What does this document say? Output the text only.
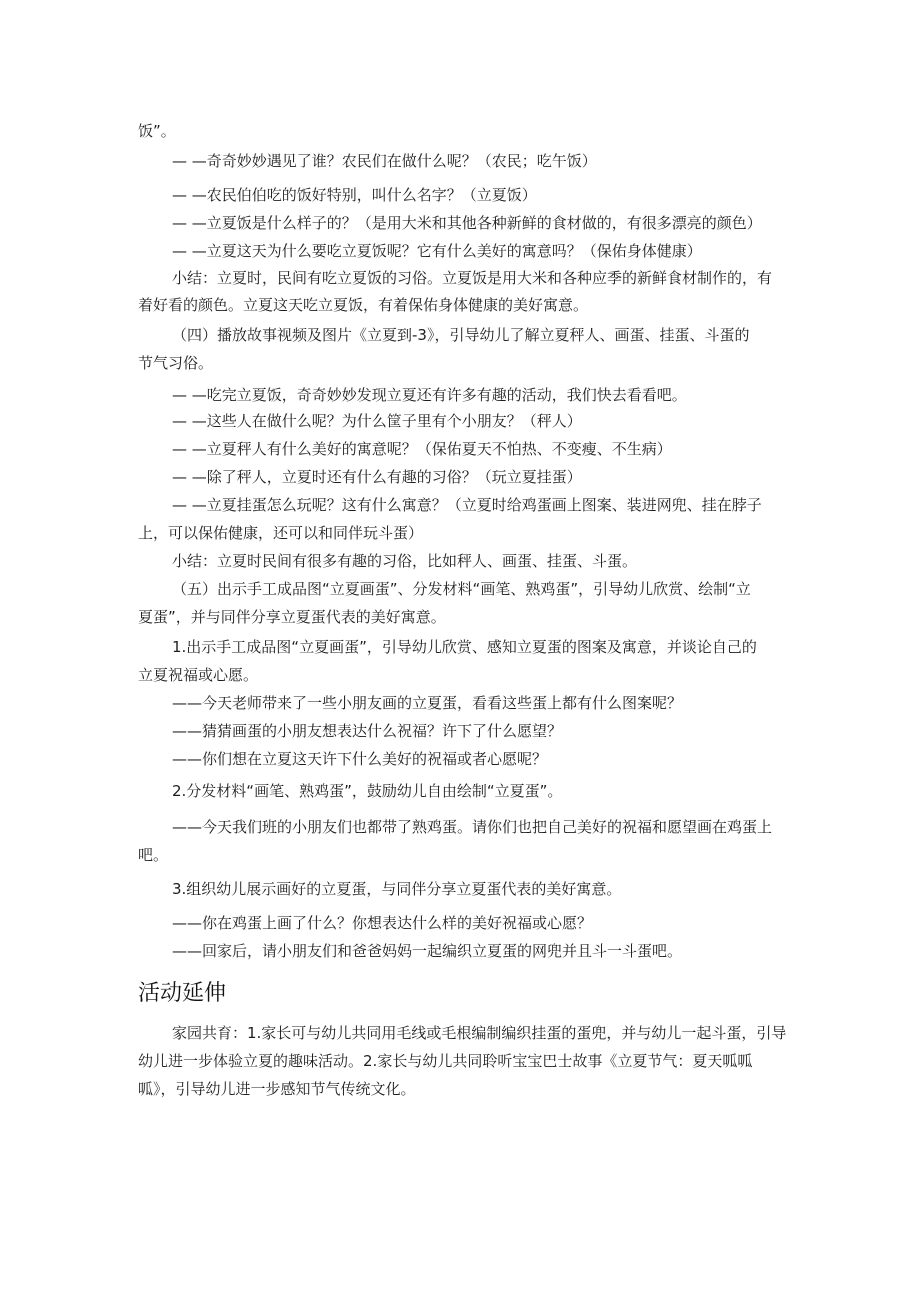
饭”。

— —奇奇妙妙遇见了谁？农民们在做什么呢？（农民；吃午饭）

— —农民伯伯吃的饭好特别，叫什么名字？（立夏饭）

— —立夏饭是什么样子的？（是用大米和其他各种新鲜的食材做的，有很多漂亮的颜色）

— —立夏这天为什么要吃立夏饭呢？它有什么美好的寓意吗？（保佑身体健康）

小结：立夏时，民间有吃立夏饭的习俗。立夏饭是用大米和各种应季的新鲜食材制作的，有

着好看的颜色。立夏这天吃立夏饭，有着保佑身体健康的美好寓意。

（四）播放故事视频及图片《立夏到-3》，引导幼儿了解立夏秤人、画蛋、挂蛋、斗蛋的

节气习俗。

— —吃完立夏饭，奇奇妙妙发现立夏还有许多有趣的活动，我们快去看看吧。

— —这些人在做什么呢？为什么筐子里有个小朋友？（秤人）

— —立夏秤人有什么美好的寓意呢？（保佑夏天不怕热、不变瘦、不生病）

— —除了秤人，立夏时还有什么有趣的习俗？（玩立夏挂蛋）

— —立夏挂蛋怎么玩呢？这有什么寓意？（立夏时给鸡蛋画上图案、装进网兜、挂在脖子

上，可以保佑健康，还可以和同伴玩斗蛋）

小结：立夏时民间有很多有趣的习俗，比如秤人、画蛋、挂蛋、斗蛋。

（五）出示手工成品图“立夏画蛋”、分发材料“画笔、熟鸡蛋”，引导幼儿欣赏、绘制“立

夏蛋”，并与同伴分享立夏蛋代表的美好寓意。

1.出示手工成品图“立夏画蛋”，引导幼儿欣赏、感知立夏蛋的图案及寓意，并谈论自己的

立夏祝福或心愿。

——今天老师带来了一些小朋友画的立夏蛋，看看这些蛋上都有什么图案呢？

——猜猜画蛋的小朋友想表达什么祝福？许下了什么愿望？

——你们想在立夏这天许下什么美好的祝福或者心愿呢？

2.分发材料“画笔、熟鸡蛋”，鼓励幼儿自由绘制“立夏蛋”。

——今天我们班的小朋友们也都带了熟鸡蛋。请你们也把自己美好的祝福和愿望画在鸡蛋上

吧。

3.组织幼儿展示画好的立夏蛋，与同伴分享立夏蛋代表的美好寓意。

——你在鸡蛋上画了什么？你想表达什么样的美好祝福或心愿？

——回家后，请小朋友们和爸爸妈妈一起编织立夏蛋的网兜并且斗一斗蛋吧。

活动延伸

家园共育：1.家长可与幼儿共同用毛线或毛根编制编织挂蛋的蛋兜，并与幼儿一起斗蛋，引导

幼儿进一步体验立夏的趣味活动。2.家长与幼儿共同聆听宝宝巴士故事《立夏节气：夏天呱呱

呱》，引导幼儿进一步感知节气传统文化。
